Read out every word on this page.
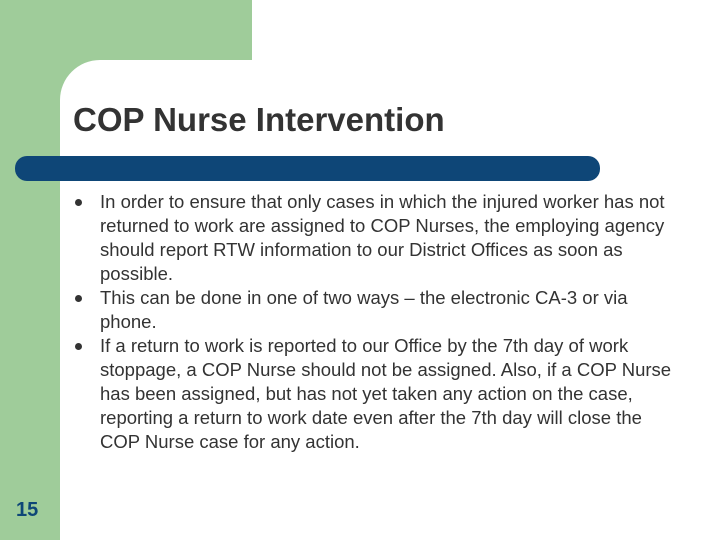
COP Nurse Intervention
In order to ensure that only cases in which the injured worker has not returned to work are assigned to COP Nurses, the employing agency should report RTW information to our District Offices as soon as possible.
This can be done in one of two ways – the electronic CA-3 or via phone.
If a return to work is reported to our Office by the 7th day of work stoppage, a COP Nurse should not be assigned. Also, if a COP Nurse has been assigned, but has not yet taken any action on the case, reporting a return to work date even after the 7th day will close the COP Nurse case for any action.
15
